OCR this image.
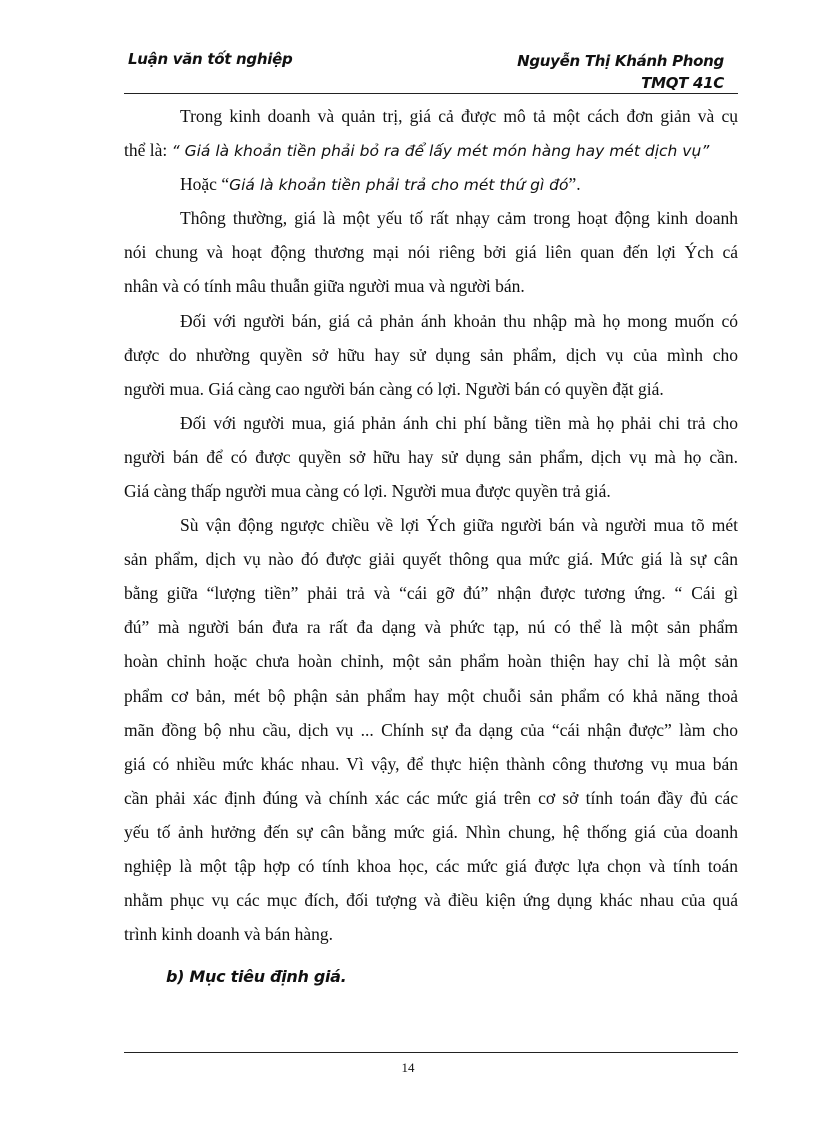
Luận văn tốt nghiệp	Nguyễn Thị Khánh Phong
TMQT 41C
Trong kinh doanh và quản trị, giá cả được mô tả một cách đơn giản và cụ
thể là: “ Giá là khoản tiền phải bỏ ra để lấy mét món hàng hay mét dịch vụ”
Hoặc “Giá là khoản tiền phải trả cho mét thứ gì đó”.
Thông thường, giá là một yếu tố rất nhạy cảm trong hoạt động kinh doanh
nói chung và hoạt động thương mại nói riêng bởi giá liên quan đến lợi Ých cá
nhân và có tính mâu thuẫn giữa người mua và người bán.
Đối với người bán, giá cả phản ánh khoản thu nhập mà họ mong muốn có
được do nhường quyền sở hữu hay sử dụng sản phẩm, dịch vụ của mình cho
người mua. Giá càng cao người bán càng có lợi. Người bán có quyền đặt giá.
Đối với người mua, giá phản ánh chi phí bằng tiền mà họ phải chi trả cho
người bán để có được quyền sở hữu hay sử dụng sản phẩm, dịch vụ mà họ cần.
Giá càng thấp người mua càng có lợi. Người mua được quyền trả giá.
Sù vận động ngược chiều về lợi Ých giữa người bán và người mua tõ mét
sản phẩm, dịch vụ nào đó được giải quyết thông qua mức giá. Mức giá là sự cân
bằng giữa “lượng tiền” phải trả và “cái gỡ đú” nhận được tương ứng. “ Cái gì
đú” mà người bán đưa ra rất đa dạng và phức tạp, nú có thể là một sản phẩm
hoàn chỉnh hoặc chưa hoàn chỉnh, một sản phẩm hoàn thiện hay chỉ là một sản
phẩm cơ bản, mét bộ phận sản phẩm hay một chuỗi sản phẩm có khả năng thoả
mãn đồng bộ nhu cầu, dịch vụ ... Chính sự đa dạng của “cái nhận được” làm cho
giá có nhiều mức khác nhau. Vì vậy, để thực hiện thành công thương vụ mua bán
cần phải xác định đúng và chính xác các mức giá trên cơ sở tính toán đầy đủ các
yếu tố ảnh hưởng đến sự cân bằng mức giá. Nhìn chung, hệ thống giá của doanh
nghiệp là một tập hợp có tính khoa học, các mức giá được lựa chọn và tính toán
nhằm phục vụ các mục đích, đối tượng và điều kiện ứng dụng khác nhau của quá
trình kinh doanh và bán hàng.
b) Mục tiêu định giá.
14
